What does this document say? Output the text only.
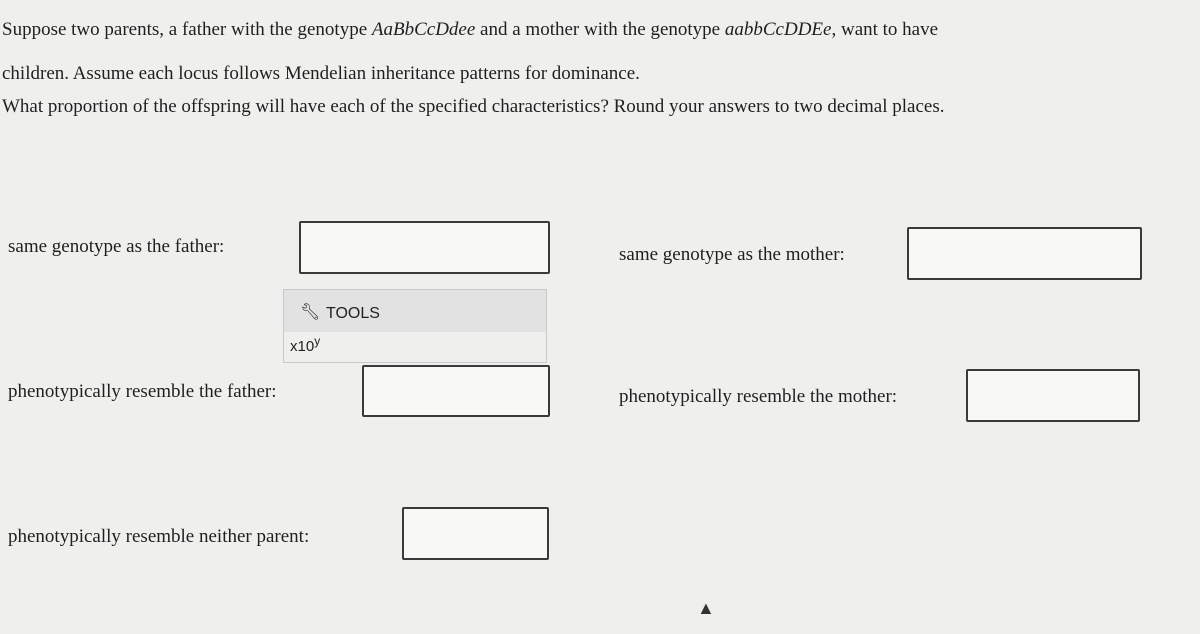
Suppose two parents, a father with the genotype AaBbCcDdee and a mother with the genotype aabbCcDDEe, want to have
children. Assume each locus follows Mendelian inheritance patterns for dominance.
What proportion of the offspring will have each of the specified characteristics? Round your answers to two decimal places.
same genotype as the father:	same genotype as the mother:
🔧︎ TOOLS
x10$^y$
phenotypically resemble the father:	phenotypically resemble the mother:
phenotypically resemble neither parent:
▲
